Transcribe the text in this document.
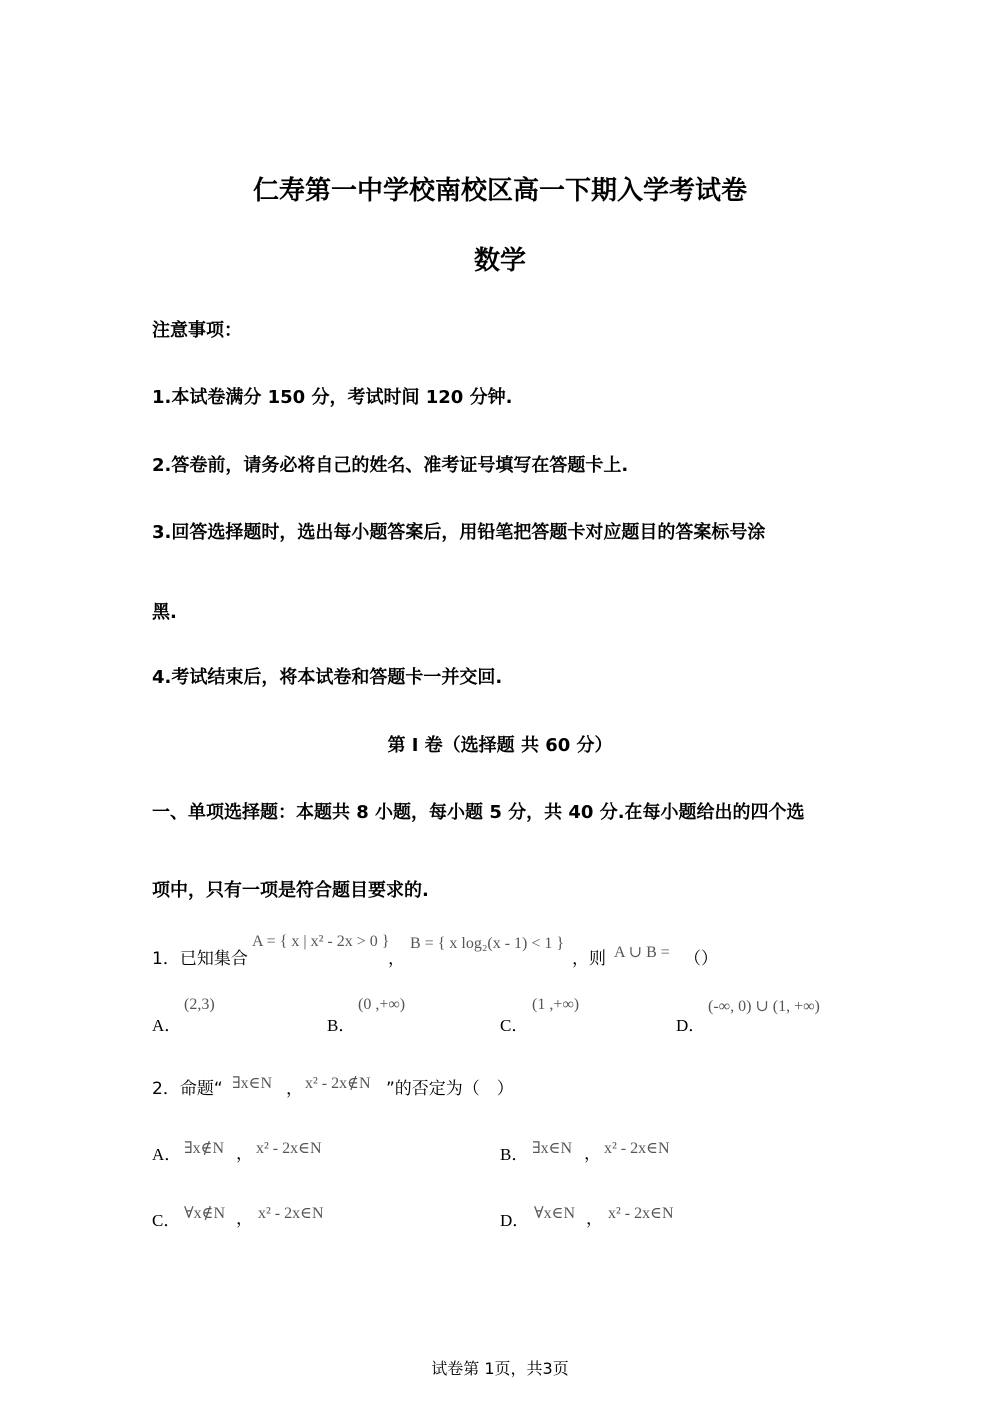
仁寿第一中学校南校区高一下期入学考试卷
数学
注意事项：
1.本试卷满分 150 分，考试时间 120 分钟.
2.答卷前，请务必将自己的姓名、准考证号填写在答题卡上.
3.回答选择题时，选出每小题答案后，用铅笔把答题卡对应题目的答案标号涂
黑.
4.考试结束后，将本试卷和答题卡一并交回.
第 I 卷（选择题 共 60 分）
一、单项选择题：本题共 8 小题，每小题 5 分，共 40 分.在每小题给出的四个选
项中，只有一项是符合题目要求的.
1．已知集合
A = { x | x² - 2x > 0 }
，
B = { x log₂(x - 1) < 1 }
，则 A ∪ B = （）
A．
(2,3)
B．
(0 ,+∞)
C．
(1 ,+∞)
D．
(-∞, 0) ∪ (1, +∞)
2．命题“ ∃x∈N ， x² - 2x∉N ”的否定为（　）
A． ∃x∉N ， x² - 2x∈N	B． ∃x∈N ， x² - 2x∈N
C． ∀x∉N ， x² - 2x∈N	D． ∀x∈N ， x² - 2x∈N
试卷第 1页，共3页
